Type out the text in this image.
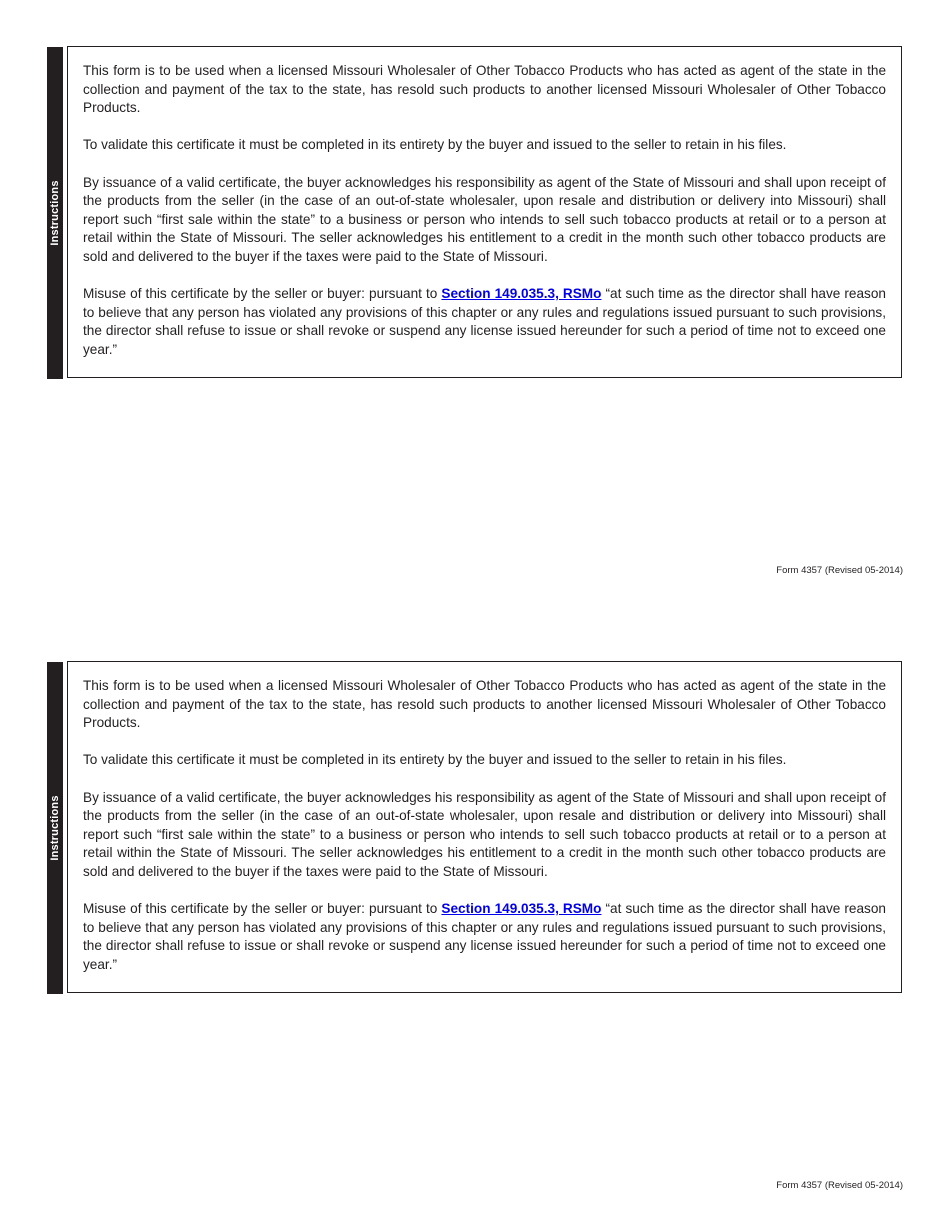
Instructions

This form is to be used when a licensed Missouri Wholesaler of Other Tobacco Products who has acted as agent of the state in the collection and payment of the tax to the state, has resold such products to another licensed Missouri Wholesaler of Other Tobacco Products.

To validate this certificate it must be completed in its entirety by the buyer and issued to the seller to retain in his files.

By issuance of a valid certificate, the buyer acknowledges his responsibility as agent of the State of Missouri and shall upon receipt of the products from the seller (in the case of an out-of-state wholesaler, upon resale and distribution or delivery into Missouri) shall report such “first sale within the state” to a business or person who intends to sell such tobacco products at retail or to a person at retail within the State of Missouri. The seller acknowledges his entitlement to a credit in the month such other tobacco products are sold and delivered to the buyer if the taxes were paid to the State of Missouri.

Misuse of this certificate by the seller or buyer: pursuant to Section 149.035.3, RSMo “at such time as the director shall have reason to believe that any person has violated any provisions of this chapter or any rules and regulations issued pursuant to such provisions, the director shall refuse to issue or shall revoke or suspend any license issued hereunder for such a period of time not to exceed one year.”

Form 4357 (Revised 05-2014)
Instructions

This form is to be used when a licensed Missouri Wholesaler of Other Tobacco Products who has acted as agent of the state in the collection and payment of the tax to the state, has resold such products to another licensed Missouri Wholesaler of Other Tobacco Products.

To validate this certificate it must be completed in its entirety by the buyer and issued to the seller to retain in his files.

By issuance of a valid certificate, the buyer acknowledges his responsibility as agent of the State of Missouri and shall upon receipt of the products from the seller (in the case of an out-of-state wholesaler, upon resale and distribution or delivery into Missouri) shall report such “first sale within the state” to a business or person who intends to sell such tobacco products at retail or to a person at retail within the State of Missouri. The seller acknowledges his entitlement to a credit in the month such other tobacco products are sold and delivered to the buyer if the taxes were paid to the State of Missouri.

Misuse of this certificate by the seller or buyer: pursuant to Section 149.035.3, RSMo “at such time as the director shall have reason to believe that any person has violated any provisions of this chapter or any rules and regulations issued pursuant to such provisions, the director shall refuse to issue or shall revoke or suspend any license issued hereunder for such a period of time not to exceed one year.”

Form 4357 (Revised 05-2014)
